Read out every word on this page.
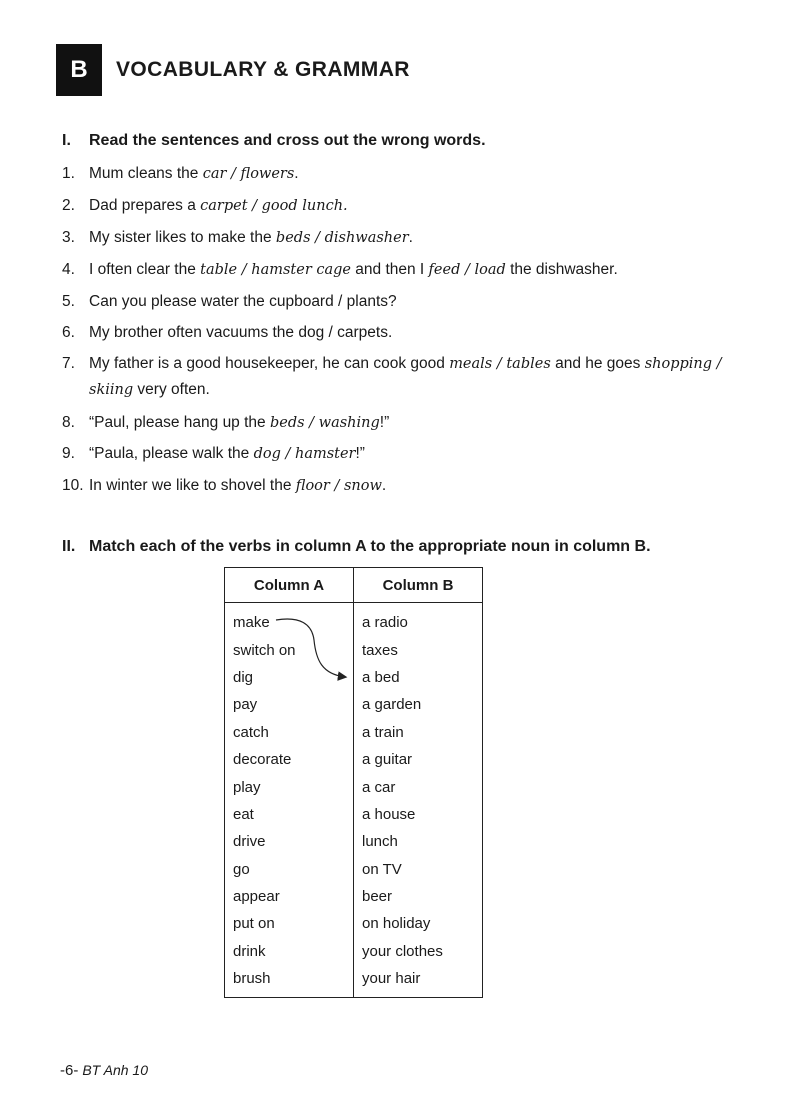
B	VOCABULARY & GRAMMAR
I. Read the sentences and cross out the wrong words.
1. Mum cleans the car / flowers.
2. Dad prepares a carpet / good lunch.
3. My sister likes to make the beds / dishwasher.
4. I often clear the table / hamster cage and then I feed / load the dishwasher.
5. Can you please water the cupboard / plants?
6. My brother often vacuums the dog / carpets.
7. My father is a good housekeeper, he can cook good meals / tables and he goes shopping / skiing very often.
8. “Paul, please hang up the beds / washing!”
9. “Paula, please walk the dog / hamster!”
10. In winter we like to shovel the floor / snow.
II. Match each of the verbs in column A to the appropriate noun in column B.
Column A	Column B
make	a radio
switch on	taxes
dig	a bed
pay	a garden
catch	a train
decorate	a guitar
play	a car
eat	a house
drive	lunch
go	on TV
appear	beer
put on	on holiday
drink	your clothes
brush	your hair
-6- BT Anh 10
